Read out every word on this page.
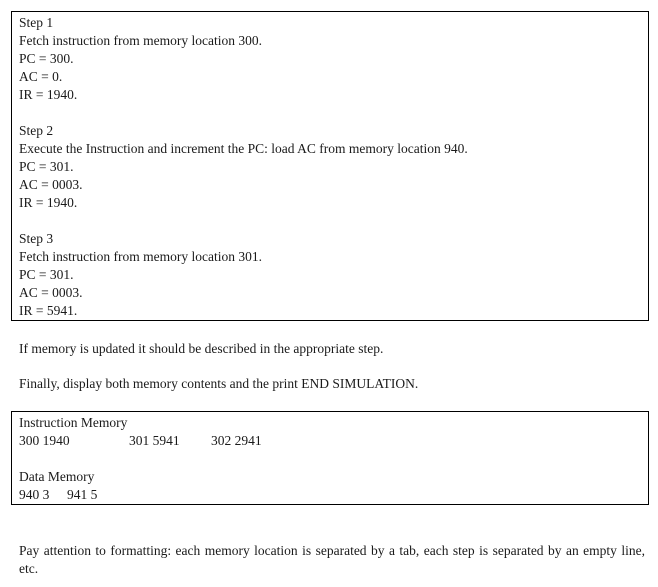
Step 1
Fetch instruction from memory location 300.
PC = 300.
AC = 0.
IR = 1940.
Step 2
Execute the Instruction and increment the PC: load AC from memory location 940.
PC = 301.
AC = 0003.
IR = 1940.
Step 3
Fetch instruction from memory location 301.
PC = 301.
AC = 0003.
IR = 5941.
If memory is updated it should be described in the appropriate step.
Finally, display both memory contents and the print END SIMULATION.
Instruction Memory
300 1940	301 5941	302 2941
Data Memory
940 3	941 5
Pay attention to formatting: each memory location is separated by a tab, each step is separated by an empty line, etc.
